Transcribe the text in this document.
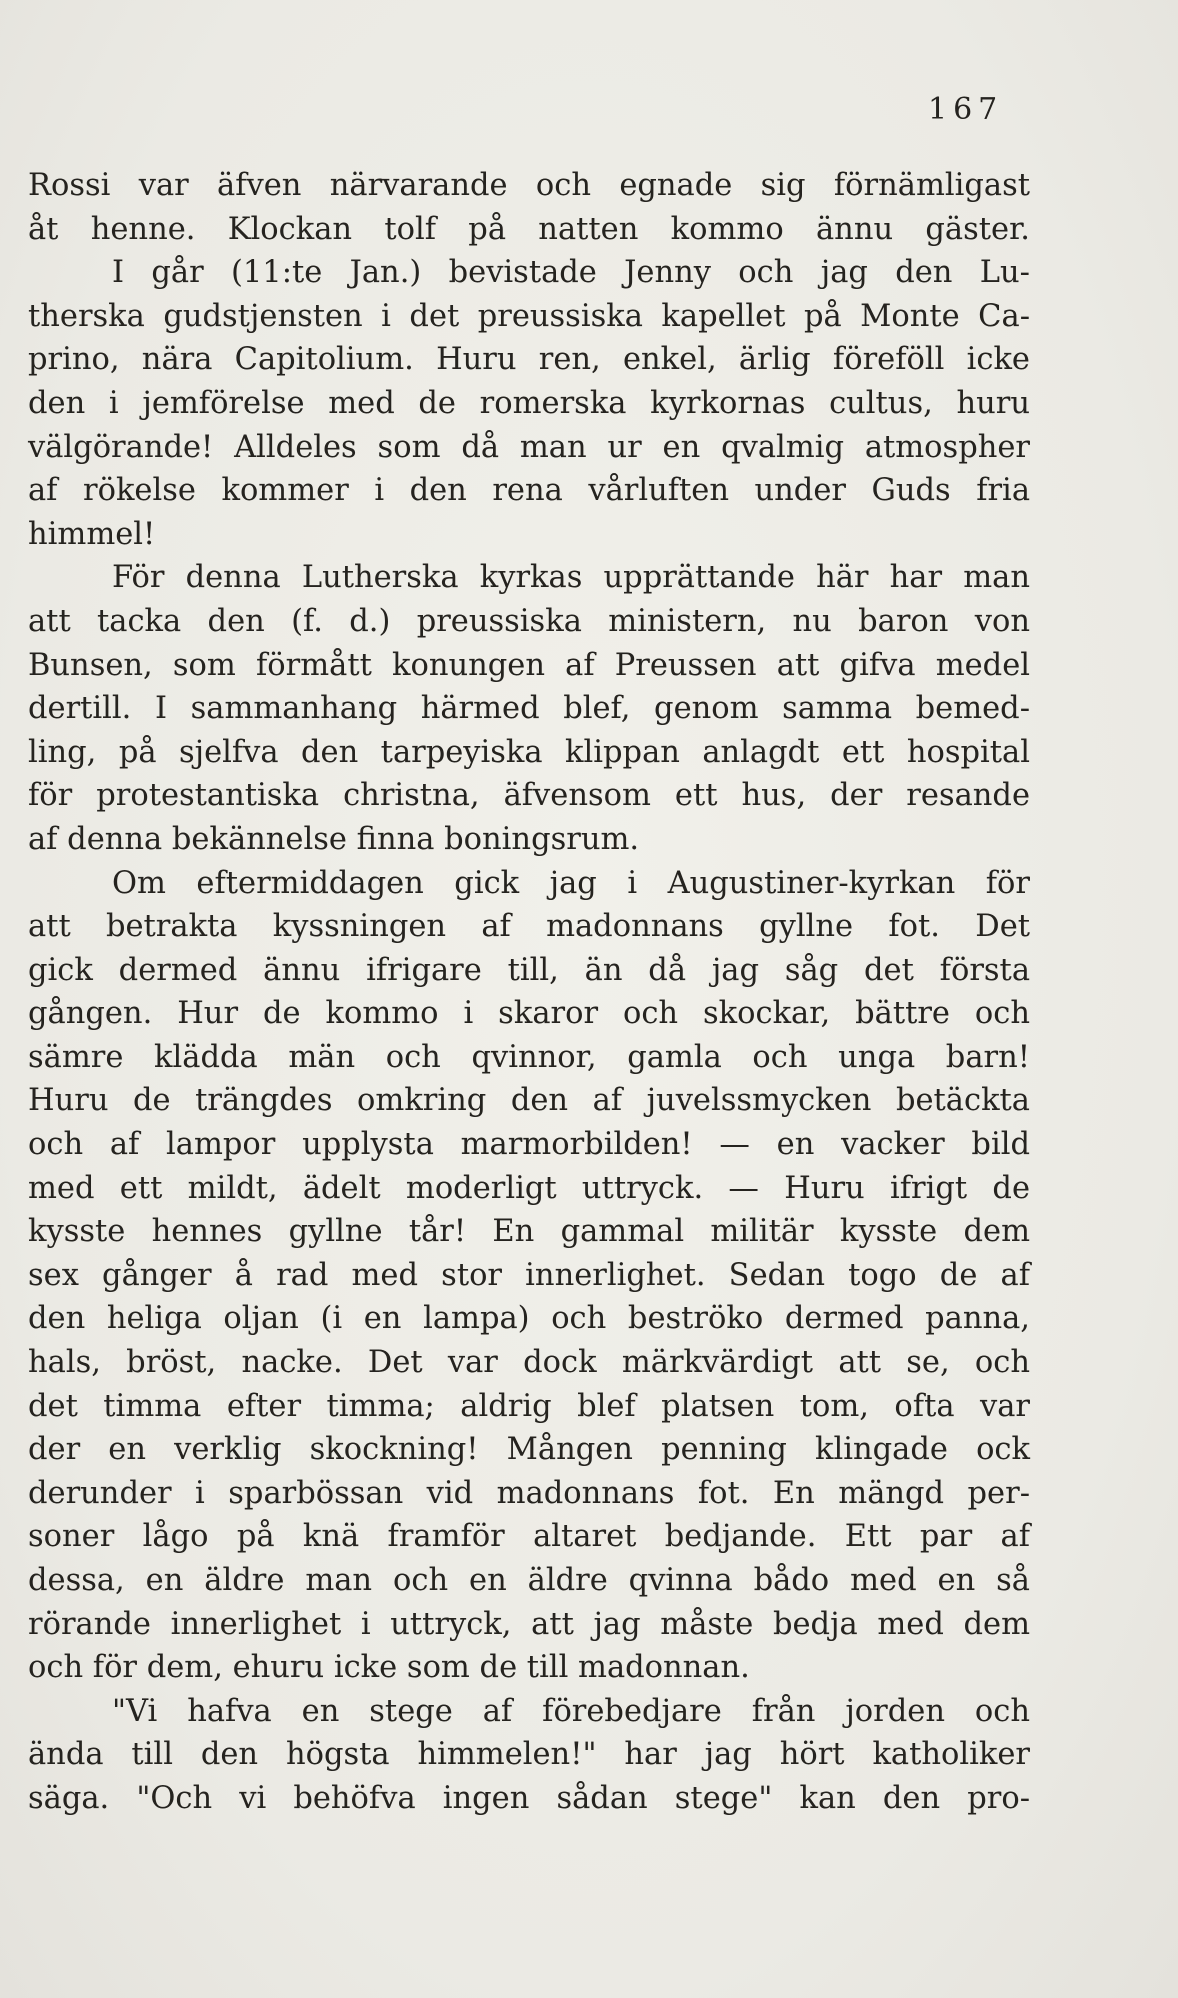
167
Rossi var äfven närvarande och egnade sig förnämligast
åt henne. Klockan tolf på natten kommo ännu gäster.
I går (11:te Jan.) bevistade Jenny och jag den Lu-
therska gudstjensten i det preussiska kapellet på Monte Ca-
prino, nära Capitolium. Huru ren, enkel, ärlig föreföll icke
den i jemförelse med de romerska kyrkornas cultus, huru
välgörande! Alldeles som då man ur en qvalmig atmospher
af rökelse kommer i den rena vårluften under Guds fria
himmel!
För denna Lutherska kyrkas upprättande här har man
att tacka den (f. d.) preussiska ministern, nu baron von
Bunsen, som förmått konungen af Preussen att gifva medel
dertill. I sammanhang härmed blef, genom samma bemed-
ling, på sjelfva den tarpeyiska klippan anlagdt ett hospital
för protestantiska christna, äfvensom ett hus, der resande
af denna bekännelse finna boningsrum.
Om eftermiddagen gick jag i Augustiner-kyrkan för
att betrakta kyssningen af madonnans gyllne fot. Det
gick dermed ännu ifrigare till, än då jag såg det första
gången. Hur de kommo i skaror och skockar, bättre och
sämre klädda män och qvinnor, gamla och unga barn!
Huru de trängdes omkring den af juvelssmycken betäckta
och af lampor upplysta marmorbilden! — en vacker bild
med ett mildt, ädelt moderligt uttryck. — Huru ifrigt de
kysste hennes gyllne tår! En gammal militär kysste dem
sex gånger å rad med stor innerlighet. Sedan togo de af
den heliga oljan (i en lampa) och beströko dermed panna,
hals, bröst, nacke. Det var dock märkvärdigt att se, och
det timma efter timma; aldrig blef platsen tom, ofta var
der en verklig skockning! Mången penning klingade ock
derunder i sparbössan vid madonnans fot. En mängd per-
soner lågo på knä framför altaret bedjande. Ett par af
dessa, en äldre man och en äldre qvinna bådo med en så
rörande innerlighet i uttryck, att jag måste bedja med dem
och för dem, ehuru icke som de till madonnan.
"Vi hafva en stege af förebedjare från jorden och
ända till den högsta himmelen!" har jag hört katholiker
säga. "Och vi behöfva ingen sådan stege" kan den pro-
